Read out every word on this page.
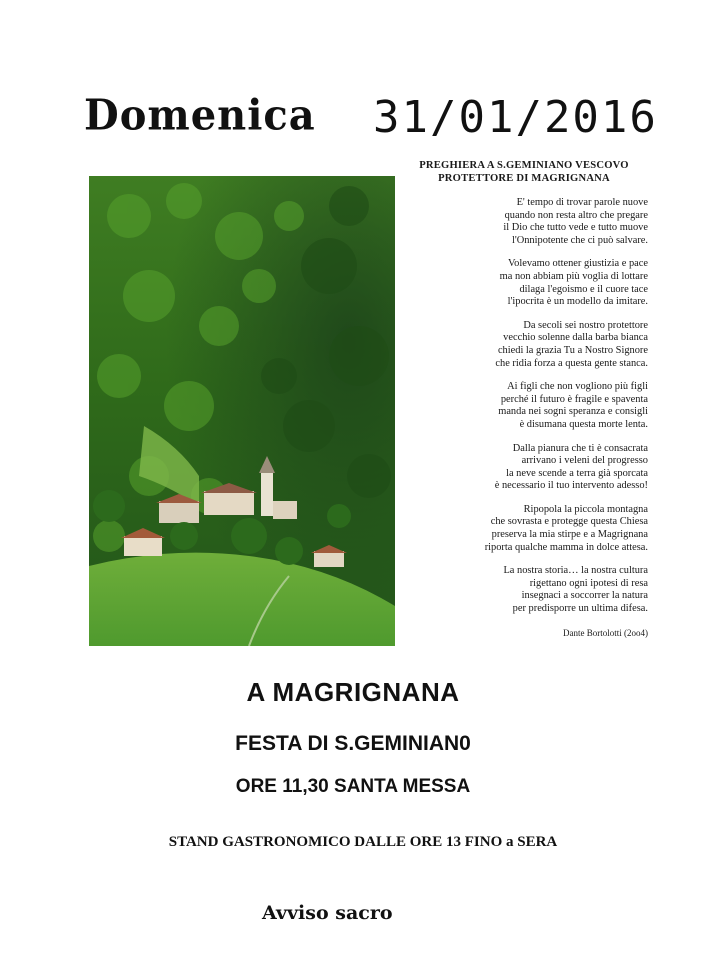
Domenica 31/01/2016
PREGHIERA A S.GEMINIANO VESCOVO
PROTETTORE DI MAGRIGNANA
E' tempo di trovar parole nuove
quando non resta altro che pregare
il Dio che tutto vede e tutto muove
l'Onnipotente che ci può salvare.
Volevamo ottener giustizia e pace
ma non abbiam più voglia di lottare
dilaga l'egoismo e il cuore tace
l'ipocrita è un modello da imitare.
Da secoli sei nostro protettore
vecchio solenne dalla barba bianca
chiedi la grazia Tu a Nostro Signore
che ridia forza a questa gente stanca.
Ai figli che non vogliono più figli
perché il futuro è fragile e spaventa
manda nei sogni speranza e consigli
è disumana questa morte lenta.
Dalla pianura che ti è consacrata
arrivano i veleni del progresso
la neve scende a terra già sporcata
è necessario il tuo intervento adesso!
Ripopola la piccola montagna
che sovrasta e protegge questa Chiesa
preserva la mia stirpe e a Magrignana
riporta qualche mamma in dolce attesa.
La nostra storia… la nostra cultura
rigettano ogni ipotesi di resa
insegnaci a soccorrer la natura
per predisporre un ultima difesa.
Dante Bortolotti (2oo4)
A MAGRIGNANA
FESTA DI S.GEMINIAN0
ORE 11,30 SANTA MESSA
STAND GASTRONOMICO DALLE ORE 13 FINO a SERA
Avviso sacro
